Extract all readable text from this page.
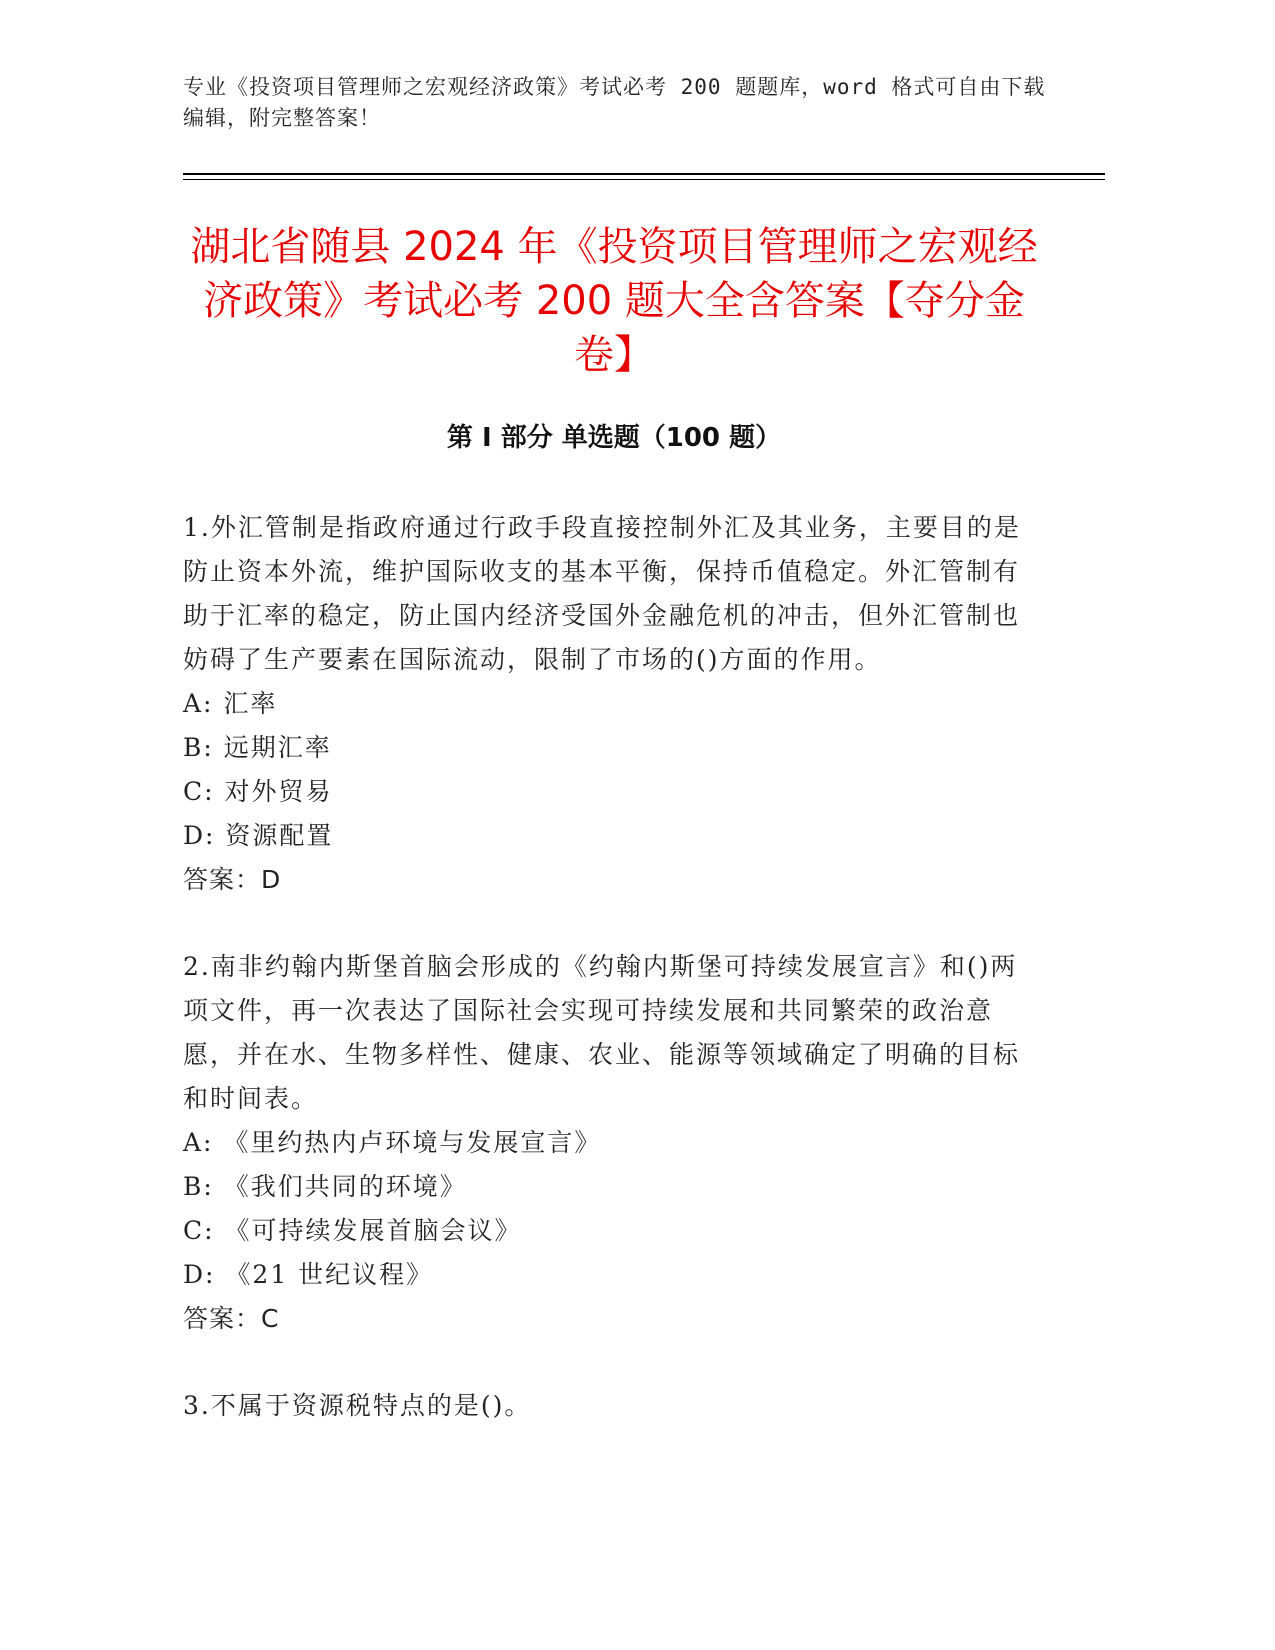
专业《投资项目管理师之宏观经济政策》考试必考 200 题题库，word 格式可自由下载编辑，附完整答案！
湖北省随县 2024 年《投资项目管理师之宏观经济政策》考试必考 200 题大全含答案【夺分金卷】
第 I 部分 单选题（100 题）

1.外汇管制是指政府通过行政手段直接控制外汇及其业务，主要目的是防止资本外流，维护国际收支的基本平衡，保持币值稳定。外汇管制有助于汇率的稳定，防止国内经济受国外金融危机的冲击，但外汇管制也妨碍了生产要素在国际流动，限制了市场的()方面的作用。

A: 汇率

B: 远期汇率

C: 对外贸易

D: 资源配置

答案：D

2.南非约翰内斯堡首脑会形成的《约翰内斯堡可持续发展宣言》和()两项文件，再一次表达了国际社会实现可持续发展和共同繁荣的政治意愿，并在水、生物多样性、健康、农业、能源等领域确定了明确的目标和时间表。

A: 《里约热内卢环境与发展宣言》

B: 《我们共同的环境》

C: 《可持续发展首脑会议》

D: 《21 世纪议程》

答案：C

3.不属于资源税特点的是()。
